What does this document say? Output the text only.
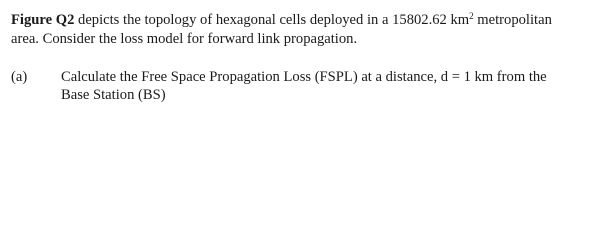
Figure Q2 depicts the topology of hexagonal cells deployed in a 15802.62 $km^2$ metropolitan
area. Consider the loss model for forward link propagation.

(a) Calculate the Free Space Propagation Loss (FSPL) at a distance, d = 1 km from the
Base Station (BS)
